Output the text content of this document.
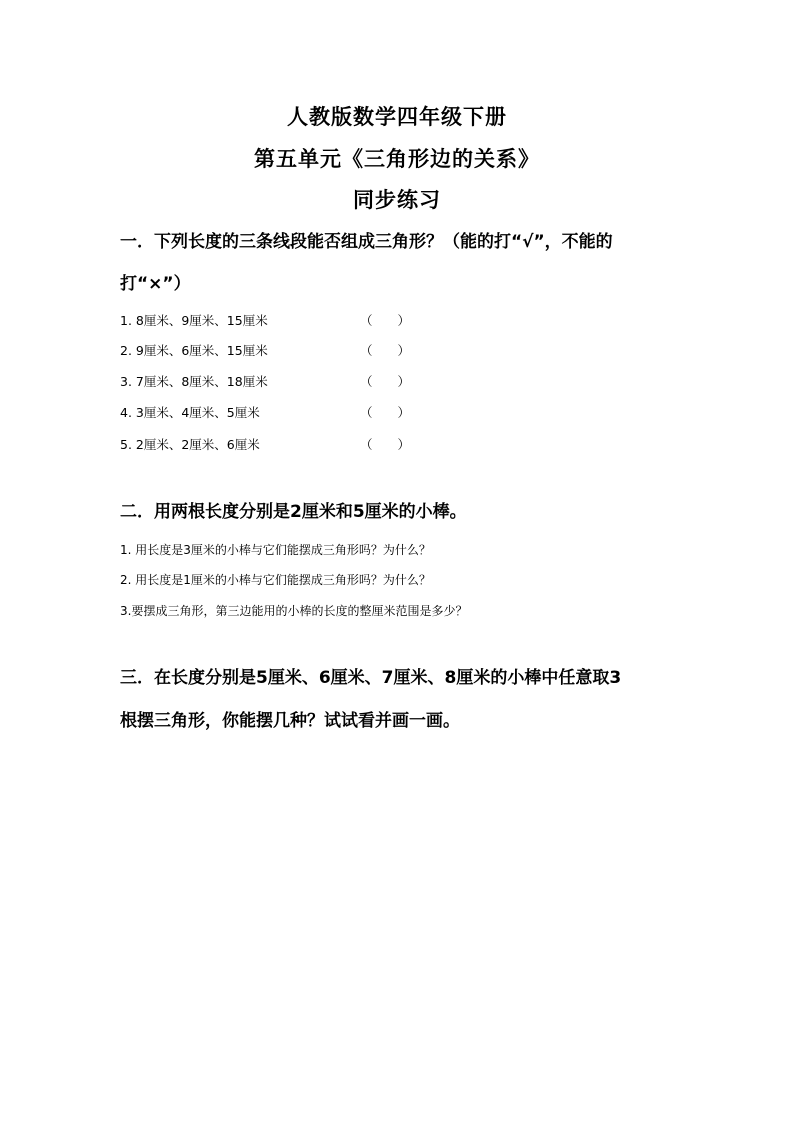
人教版数学四年级下册
第五单元《三角形边的关系》
同步练习
一．下列长度的三条线段能否组成三角形？（能的打“√”，不能的
打“×”）
1. 8厘米、9厘米、15厘米	（　　）
2. 9厘米、6厘米、15厘米	（　　）
3. 7厘米、8厘米、18厘米	（　　）
4. 3厘米、4厘米、5厘米	（　　）
5. 2厘米、2厘米、6厘米	（　　）
二．用两根长度分别是2厘米和5厘米的小棒。
1. 用长度是3厘米的小棒与它们能摆成三角形吗？为什么？
2. 用长度是1厘米的小棒与它们能摆成三角形吗？为什么？
3.要摆成三角形，第三边能用的小棒的长度的整厘米范围是多少？
三．在长度分别是5厘米、6厘米、7厘米、8厘米的小棒中任意取3
根摆三角形，你能摆几种？试试看并画一画。
